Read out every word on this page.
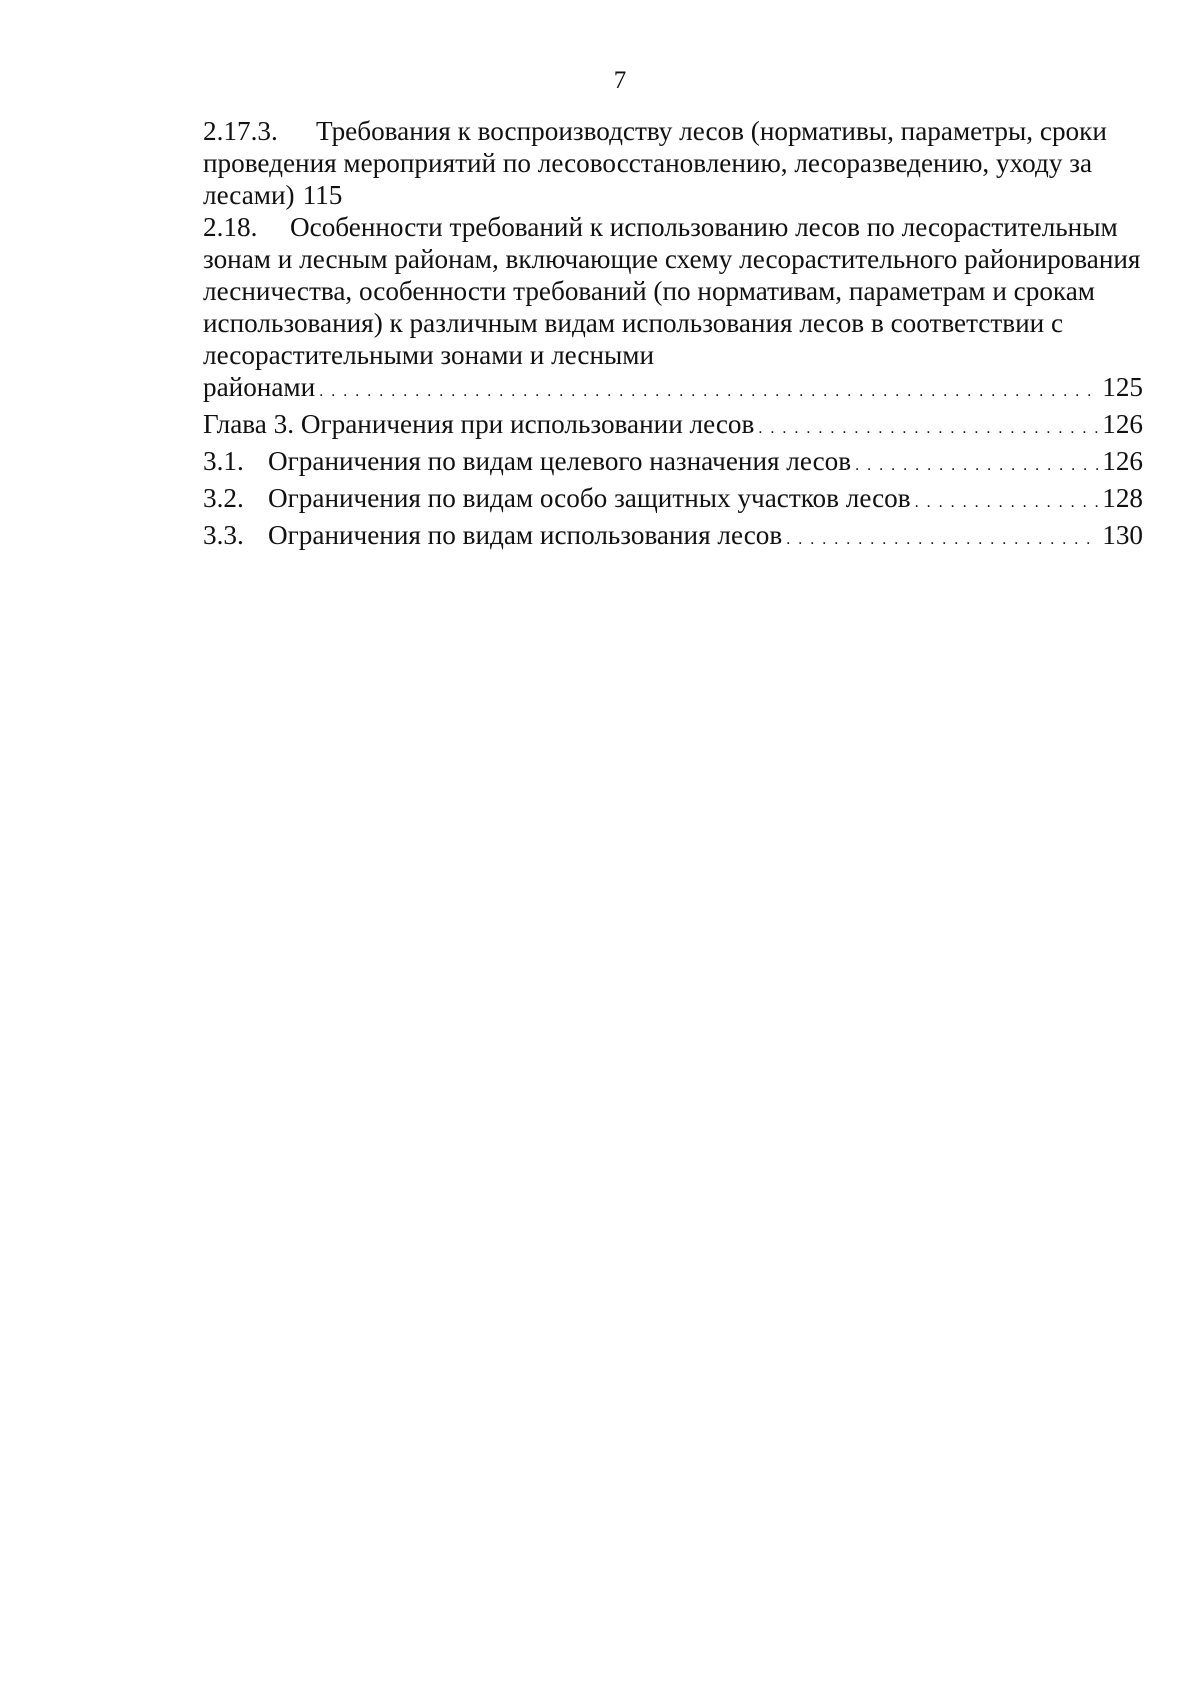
7

2.17.3. Требования к воспроизводству лесов (нормативы, параметры, сроки проведения мероприятий по лесовосстановлению, лесоразведению, уходу за лесами) 115

2.18. Особенности требований к использованию лесов по лесорастительным зонам и лесным районам, включающие схему лесорастительного районирования лесничества, особенности требований (по нормативам, параметрам и срокам использования) к различным видам использования лесов в соответствии с лесорастительными зонами и лесными

районами . . .	125
Глава 3. Ограничения при использовании лесов . . .	126
3.1. Ограничения по видам целевого назначения лесов . . .	126
3.2. Ограничения по видам особо защитных участков лесов . . .	128
3.3. Ограничения по видам использования лесов . . .	130
